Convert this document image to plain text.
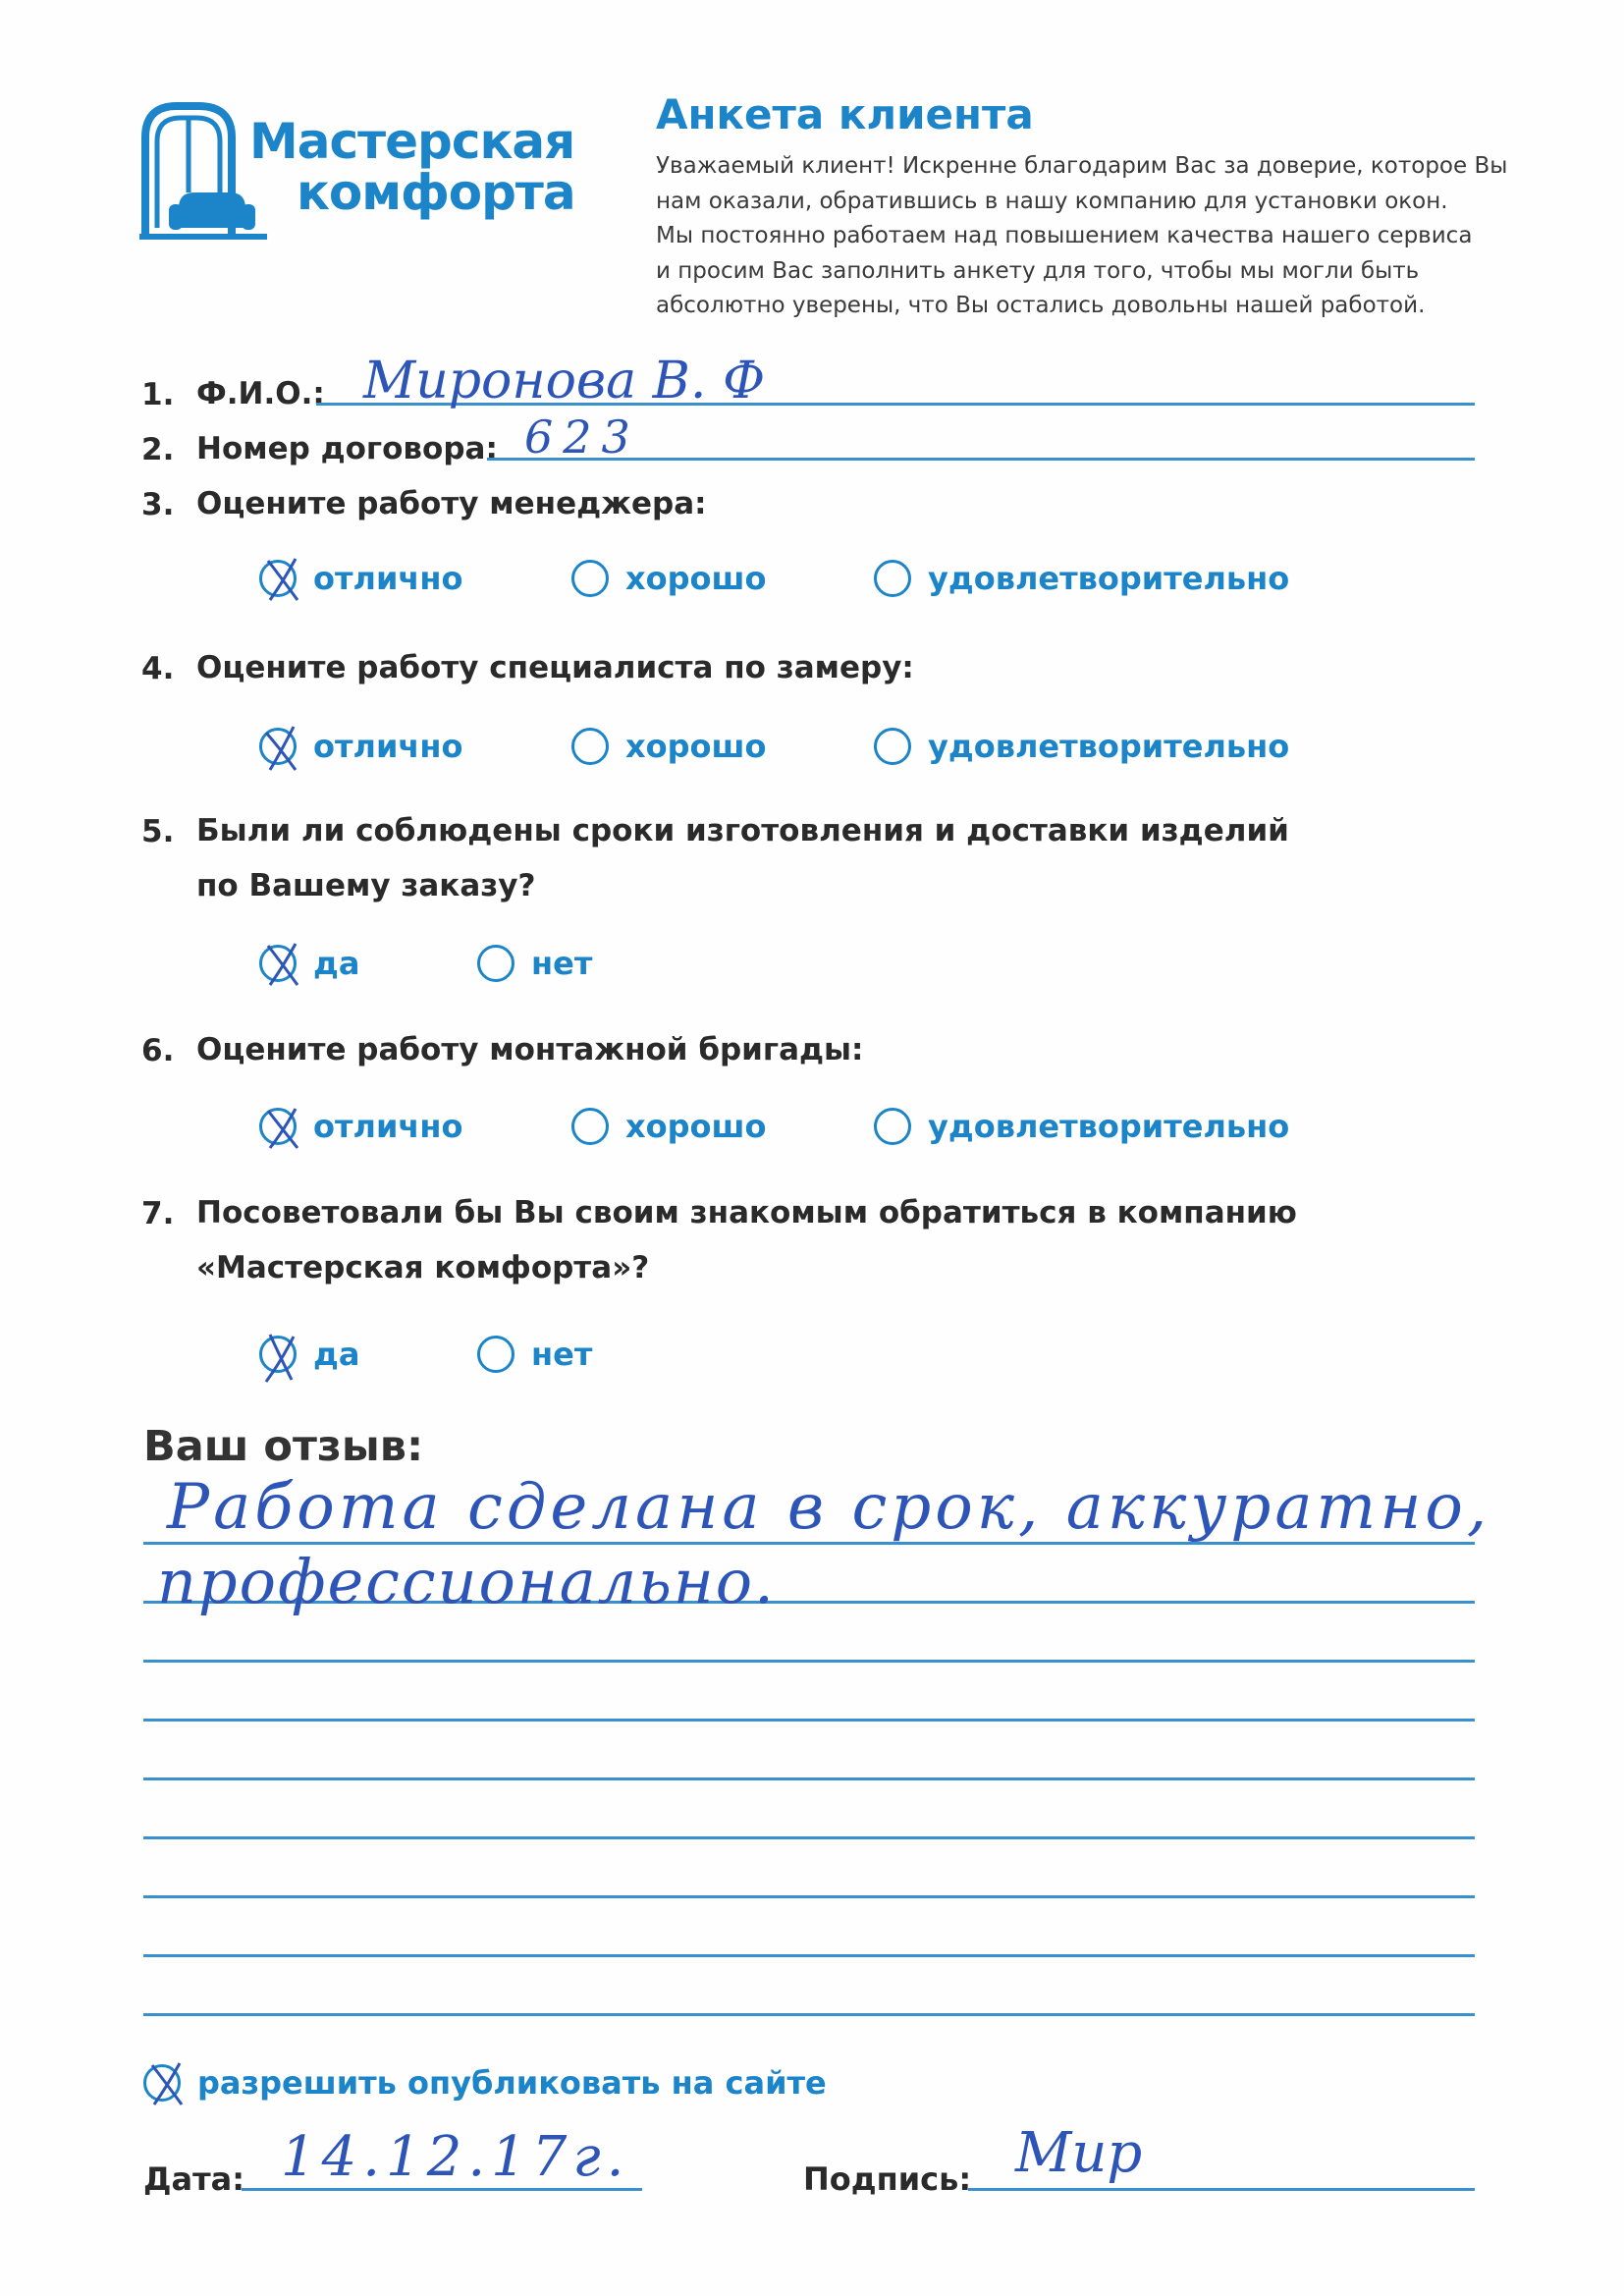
Мастерская
комфорта
Анкета клиента
Уважаемый клиент! Искренне благодарим Вас за доверие, которое Вы
нам оказали, обратившись в нашу компанию для установки окон.
Мы постоянно работаем над повышением качества нашего сервиса
и просим Вас заполнить анкету для того, чтобы мы могли быть
абсолютно уверены, что Вы остались довольны нашей работой.
1. Ф.И.О.: Миронова В. Ф
2. Номер договора: 623
3. Оцените работу менеджера:
отлично	хорошо	удовлетворительно
4. Оцените работу специалиста по замеру:
отлично	хорошо	удовлетворительно
5. Были ли соблюдены сроки изготовления и доставки изделий
по Вашему заказу?
да	нет
6. Оцените работу монтажной бригады:
отлично	хорошо	удовлетворительно
7. Посоветовали бы Вы своим знакомым обратиться в компанию
«Мастерская комфорта»?
да	нет
Ваш отзыв:
Работа сделана в срок, аккуратно,
профессионально.
разрешить опубликовать на сайте
Дата: 14.12.17г.	Подпись: Мир
